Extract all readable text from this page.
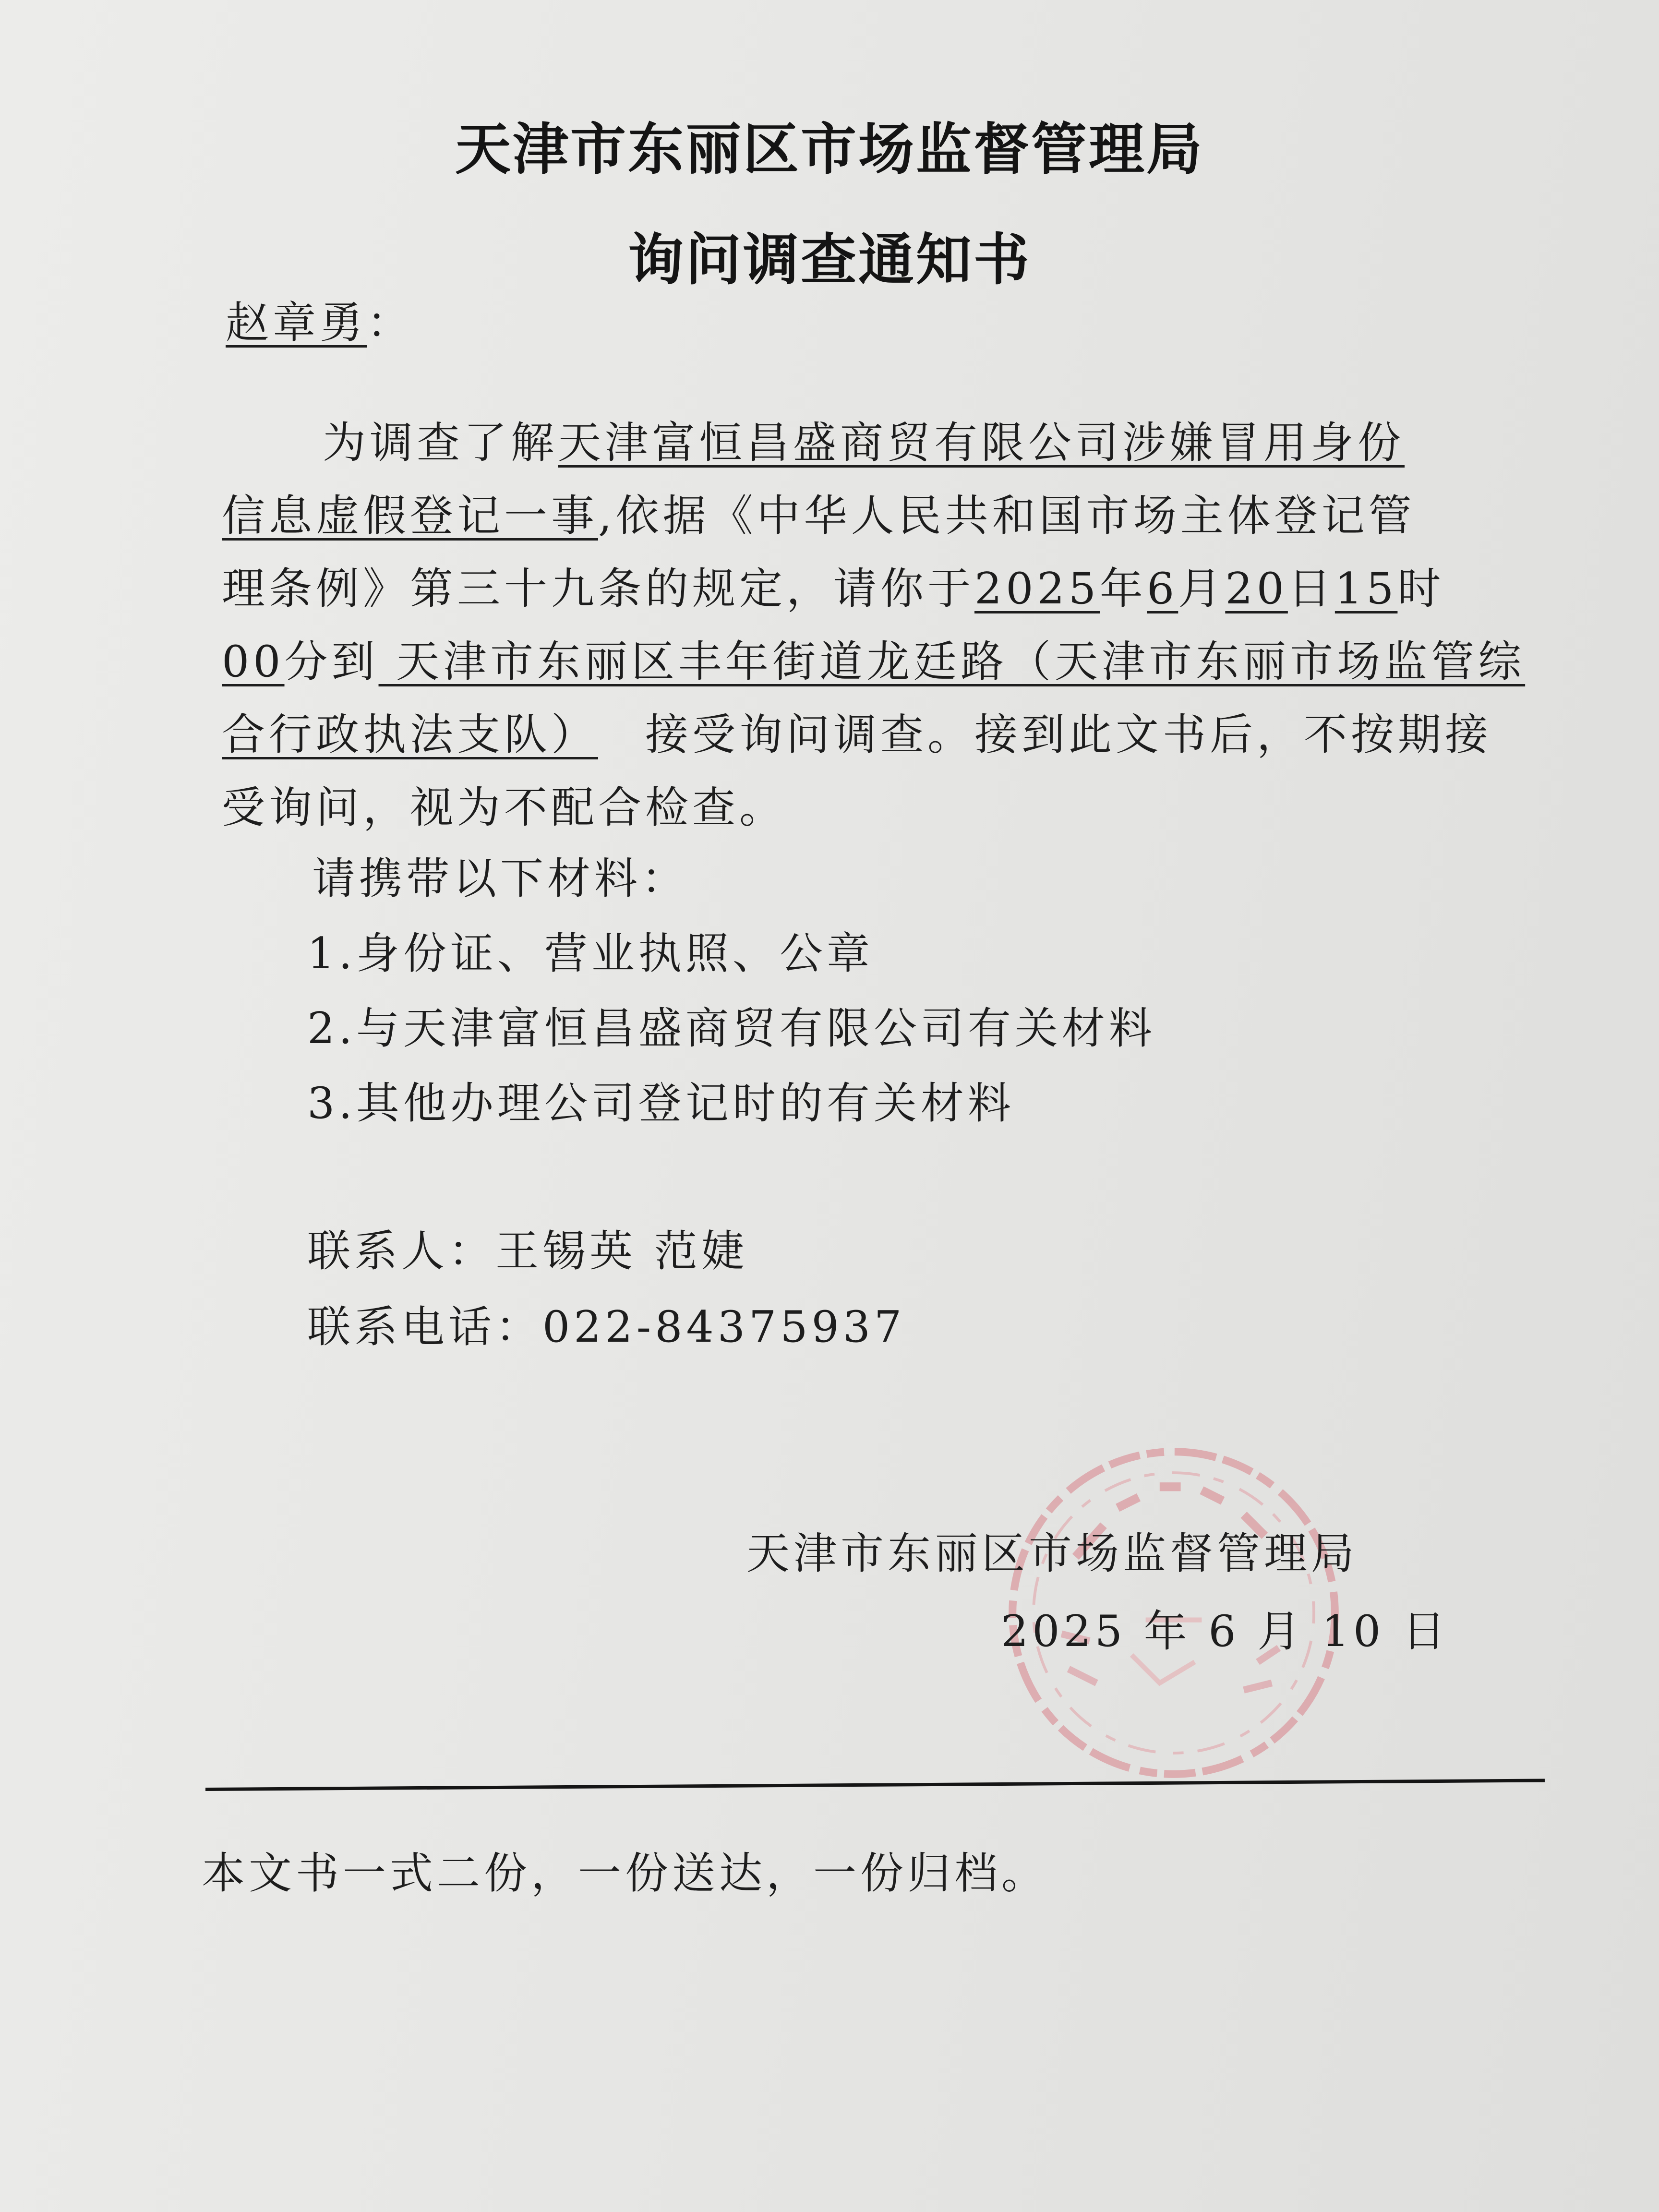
天津市东丽区市场监督管理局
询问调查通知书
赵章勇：
为调查了解天津富恒昌盛商贸有限公司涉嫌冒用身份
信息虚假登记一事,依据《中华人民共和国市场主体登记管
理条例》第三十九条的规定，请你于2025年6月20日15时
00分到 天津市东丽区丰年街道龙廷路（天津市东丽市场监管综
合行政执法支队）  接受询问调查。接到此文书后，不按期接
受询问，视为不配合检查。
请携带以下材料：
1.身份证、营业执照、公章
2.与天津富恒昌盛商贸有限公司有关材料
3.其他办理公司登记时的有关材料
联系人：王锡英 范婕
联系电话：022-84375937
天津市东丽区市场监督管理局
2025 年 6 月 10 日
本文书一式二份，一份送达，一份归档。
